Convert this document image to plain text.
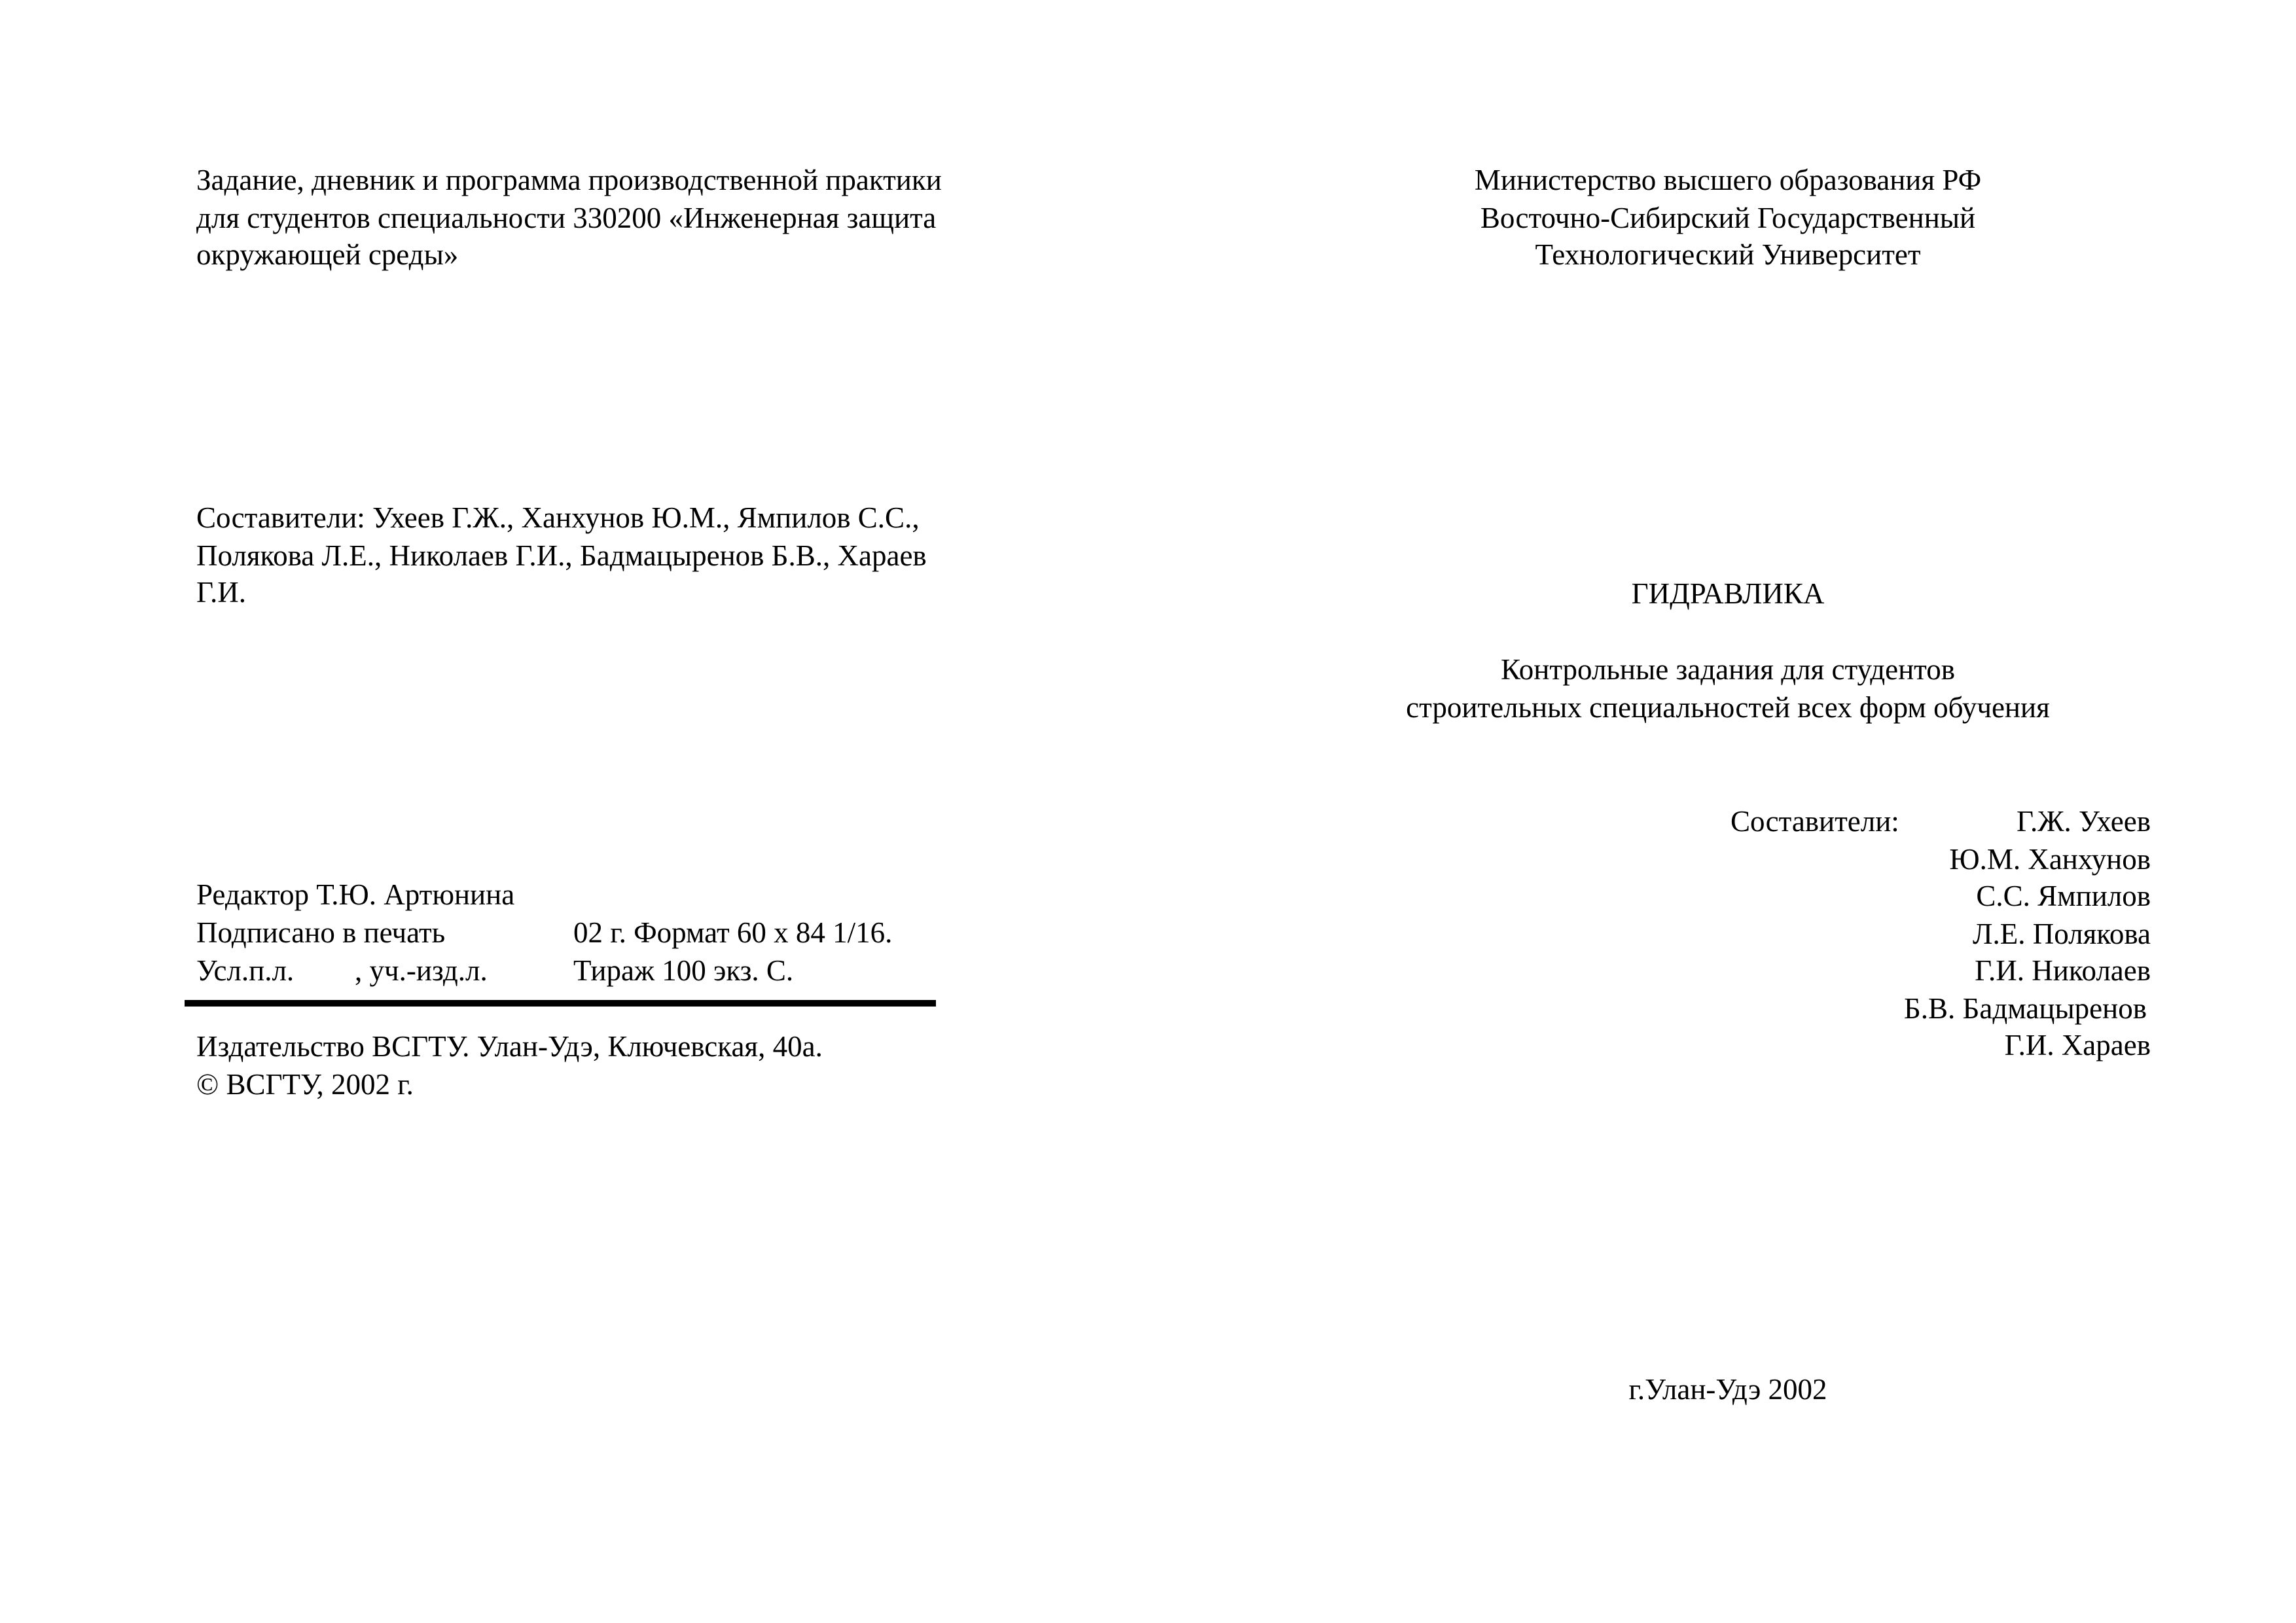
Задание, дневник и программа производственной практики
для студентов специальности 330200 «Инженерная защита
окружающей среды»
Составители: Ухеев Г.Ж., Ханхунов Ю.М., Ямпилов С.С.,
Полякова Л.Е., Николаев Г.И., Бадмацыренов Б.В., Хараев
Г.И.
Редактор Т.Ю. Артюнина
Подписано в печать	02 г. Формат 60 х 84 1/16.
Усл.п.л.	, уч.-изд.л.	Тираж 100 экз. С.
Издательство ВСГТУ. Улан-Удэ, Ключевская, 40а.
© ВСГТУ, 2002 г.
Министерство высшего образования РФ
Восточно-Сибирский Государственный
Технологический Университет
ГИДРАВЛИКА
Контрольные задания для студентов
строительных специальностей всех форм обучения
Составители:	Г.Ж. Ухеев
Ю.М. Ханхунов
С.С. Ямпилов
Л.Е. Полякова
Г.И. Николаев
Б.В. Бадмацыренов
Г.И. Хараев
г.Улан-Удэ 2002
